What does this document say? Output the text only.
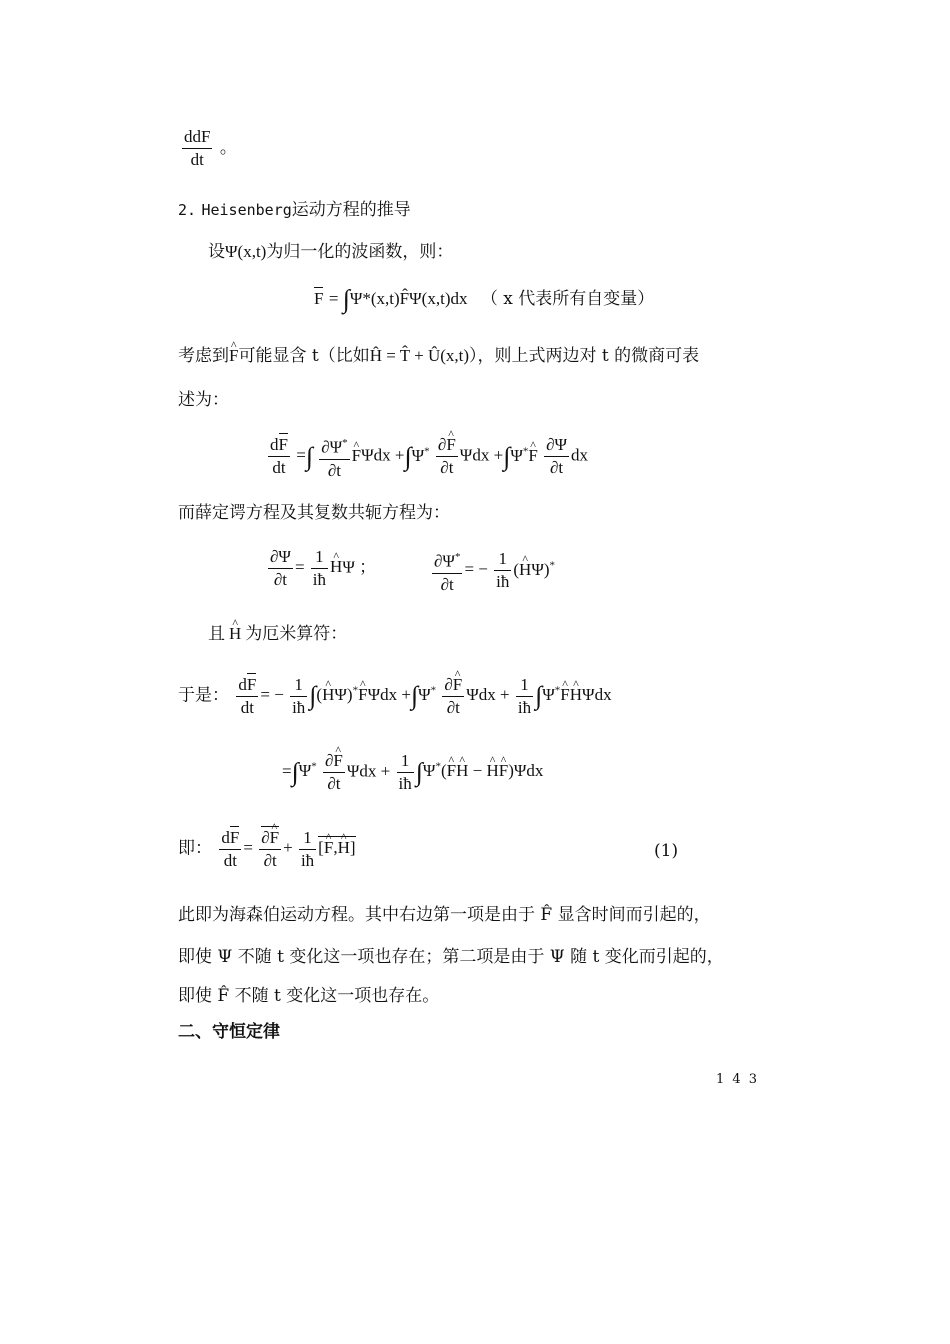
$\frac{\text{ddF}}{dt}$ 。
2. Heisenberg运动方程的推导
设Ψ(x,t)为归一化的波函数，则：
F = ∫Ψ*(x,t)F̂Ψ(x,t)dx （ x 代表所有自变量）
考虑到^ F可能显含 t（比如Ĥ = T̂ + Û(x,t)），则上式两边对 t 的微商可表
述为：
$\frac{dF}{dt}$ =∫ $\frac{\partial\Psi^*}{\partial t}$ ^ $F\Psi dx +\int\Psi^* \frac{\partial\^{} F}{\partial t}$ Ψdx +∫Ψ*^ F $\frac{\partial\Psi}{\partial t}$ dx
而薛定谔方程及其复数共轭方程为：
$\frac{\partial\Psi}{\partial t} = \frac{1}{iħ}$ ^ HΨ ；	$\frac{\partial\Psi^*}{\partial t}$ = − $\frac{1}{iħ}$ (^ HΨ)*
且 ^ H 为厄米算符：
于是： $\frac{dF}{dt}$ = − $\frac{1}{iħ}$ ∫(^ HΨ)*^ $F\Psi dx +\int\Psi^* \frac{\partial\^{} F}{\partial t}$ $\Psi dx + \frac{1}{iħ}$ ∫Ψ*^ F^ HΨdx
$=\int\Psi^* \frac{\partial\^{} F}{\partial t}$ $\Psi dx + \frac{1}{iħ}$ ∫Ψ*(^ F^ H − ^ H^ F)Ψdx
即： $\frac{dF}{dt} = \frac{\partial\^{} F}{\partial t} + \frac{1}{iħ}$ [^ F,^ H]	(1)
此即为海森伯运动方程。其中右边第一项是由于 F̂ 显含时间而引起的，
即使 Ψ 不随 t 变化这一项也存在；第二项是由于 Ψ 随 t 变化而引起的，
即使 F̂ 不随 t 变化这一项也存在。
二、守恒定律
1 4 3
